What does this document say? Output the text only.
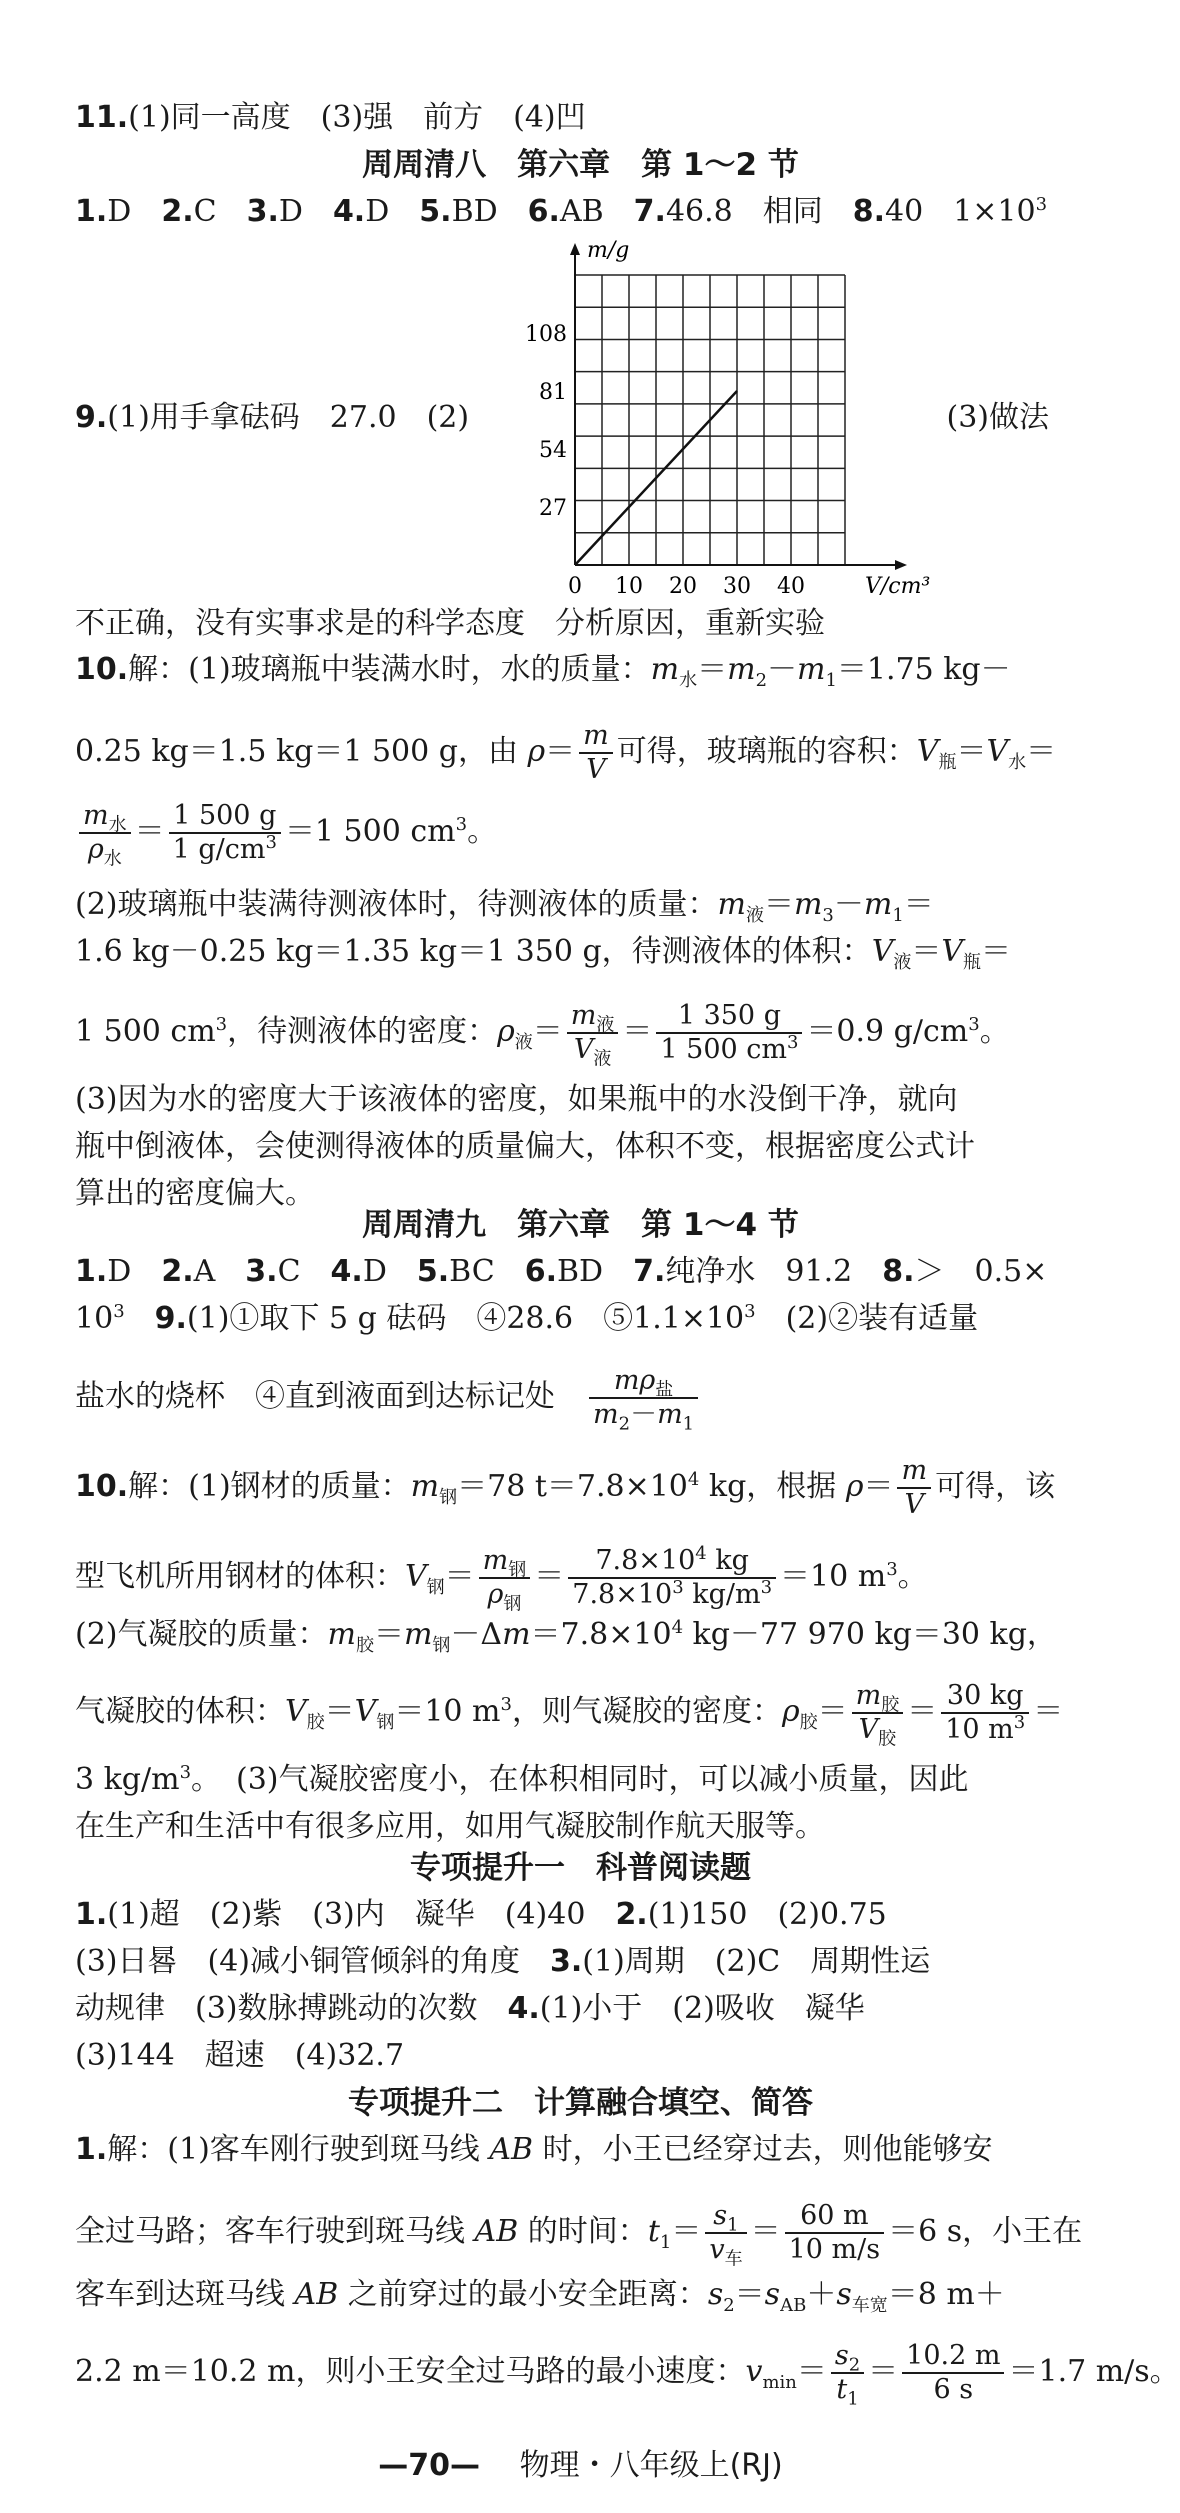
11.(1)同一高度　(3)强　前方　(4)凹
周周清八　第六章　第 1～2 节
1.D　2.C　3.D　4.D　5.BD　6.AB　7.46.8　相同　8.40　$1\times 10^3$
9.(1)用手拿砝码　27.0　(2)	(3)做法
0 10 20 30 40
27
54
81
108
V/cm³
m/g
不正确，没有实事求是的科学态度　分析原因，重新实验
10.解：(1)玻璃瓶中装满水时，水的质量：$m_水=m_2-m_1=1.75$ kg－
0.25 kg＝1.5 kg＝1 500 g，由 $\rho= \frac{m}{V}$ 可得，玻璃瓶的容积：$V_瓶=V_水=$
$\frac{m_水}{\rho_水} = \frac{1 500 g}{1 g/cm^3} =1$ 500 $cm^3$。
(2)玻璃瓶中装满待测液体时，待测液体的质量：$m_液=m_3-m_1=$
1.6 kg－0.25 kg＝1.35 kg＝1 350 g，待测液体的体积：$V_液=V_瓶=$
1 500 $cm^3$，待测液体的密度：$\rho_液= \frac{m_液}{V_液} = \frac{1 350 g}{1 500 cm^3} =0.9$ $g/cm^3$。
(3)因为水的密度大于该液体的密度，如果瓶中的水没倒干净，就向
瓶中倒液体，会使测得液体的质量偏大，体积不变，根据密度公式计
算出的密度偏大。
周周清九　第六章　第 1～4 节
1.D　2.A　3.C　4.D　5.BC　6.BD　7.纯净水　91.2　8.＞　0.5×
$10^3$　 9.(1)①取下 5 g 砝码　④28.6　$⑤1.1\times 10^3$　(2)②装有适量
盐水的烧杯　④直到液面到达标记处　 $\frac{m\rho_盐}{m_2-m_1}$
10.解：(1)钢材的质量：$m_钢=78$ $t=7.8\times 10^4$ kg，根据 $\rho= \frac{m}{V}$ 可得，该
型飞机所用钢材的体积：$V_钢= \frac{m_钢}{\rho_钢} = \frac{7.8\times 10^4 kg}{7.8\times 10^3 kg/m^3} =10$ $m^3$。
(2)气凝胶的质量：$m_胶=m_钢-\Delta m=7.8\times 10^4$ kg－77 970 kg＝30 kg，
气凝胶的体积：$V_胶=V_钢=10$ $m^3$，则气凝胶的密度：$\rho_胶= \frac{m_胶}{V_胶} = \frac{30 kg}{10 m^3}$ ＝
3 $kg/m^3$。　(3)气凝胶密度小，在体积相同时，可以减小质量，因此
在生产和生活中有很多应用，如用气凝胶制作航天服等。
专项提升一　科普阅读题
1.(1)超　(2)紫　(3)内　凝华　(4)40　2.(1)150　(2)0.75
(3)日晷　(4)减小铜管倾斜的角度　3.(1)周期　(2)C　周期性运
动规律　(3)数脉搏跳动的次数　4.(1)小于　(2)吸收　凝华
(3)144　超速　(4)32.7
专项提升二　计算融合填空、简答
1.解：(1)客车刚行驶到斑马线 AB 时，小王已经穿过去，则他能够安
全过马路；客车行驶到斑马线 AB 的时间：$t_1= \frac{s_1}{v_车} = \frac{60 m}{10 m/s} =6$ s，小王在
客车到达斑马线 AB 之前穿过的最小安全距离：$s_2=s_{AB}+s_{车宽}=8$ m＋
2.2 m＝10.2 m，则小王安全过马路的最小速度：$v_{min}= \frac{s_2}{t_1} = \frac{10.2 m}{6 s} =1.7$ m/s。
—70—　 物理・八年级上(RJ)
